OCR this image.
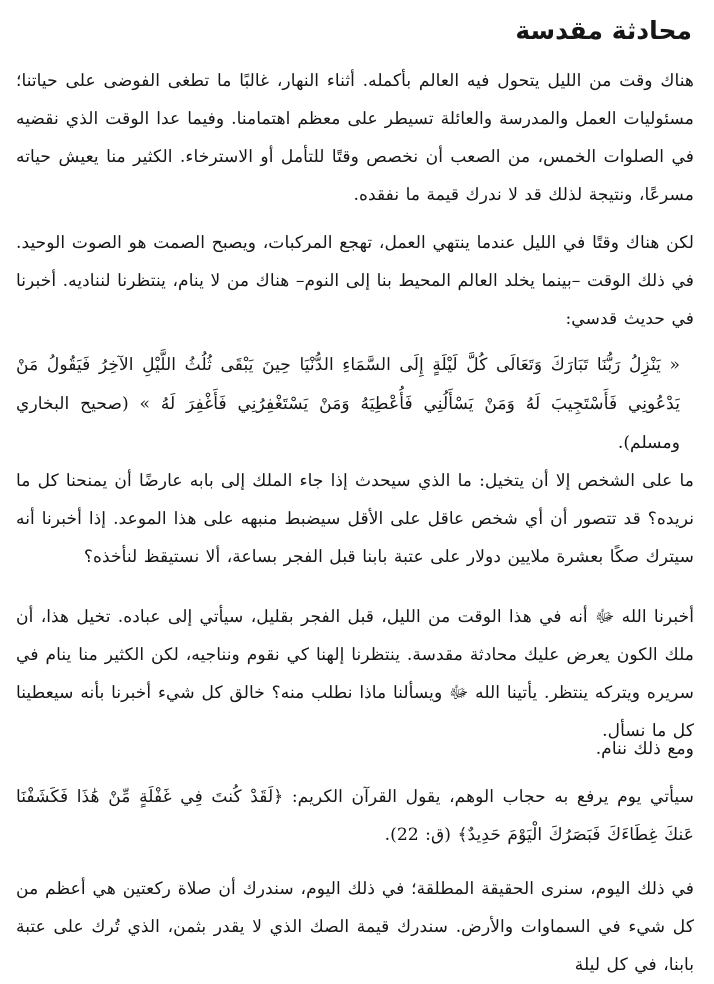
محادثة مقدسة

هناك وقت من الليل يتحول فيه العالم بأكمله. أثناء النهار، غالبًا ما تطغى الفوضى على حياتنا؛ مسئوليات العمل والمدرسة والعائلة تسيطر على معظم اهتمامنا. وفيما عدا الوقت الذي نقضيه في الصلوات الخمس، من الصعب أن نخصص وقتًا للتأمل أو الاسترخاء. الكثير منا يعيش حياته مسرعًا، ونتيجة لذلك قد لا ندرك قيمة ما نفقده.

لكن هناك وقتًا في الليل عندما ينتهي العمل، تهجع المركبات، ويصبح الصمت هو الصوت الوحيد. في ذلك الوقت –بينما يخلد العالم المحيط بنا إلى النوم– هناك من لا ينام، ينتظرنا لنناديه. أخبرنا في حديث قدسي:

« يَنْزِلُ رَبُّنَا تَبَارَكَ وَتَعَالَى كُلَّ لَيْلَةٍ إِلَى السَّمَاءِ الدُّنْيَا حِينَ يَبْقَى ثُلُثُ اللَّيْلِ الآخِرُ فَيَقُولُ مَنْ يَدْعُونِي فَأَسْتَجِيبَ لَهُ وَمَنْ يَسْأَلُنِي فَأُعْطِيَهُ وَمَنْ يَسْتَغْفِرُنِي فَأَغْفِرَ لَهُ » (صحيح البخاري ومسلم).

ما على الشخص إلا أن يتخيل: ما الذي سيحدث إذا جاء الملك إلى بابه عارضًا أن يمنحنا كل ما نريده؟ قد تتصور أن أي شخص عاقل على الأقل سيضبط منبهه على هذا الموعد. إذا أخبرنا أنه سيترك صكًا بعشرة ملايين دولار على عتبة بابنا قبل الفجر بساعة، ألا نستيقظ لنأخذه؟

أخبرنا الله ﷻ أنه في هذا الوقت من الليل، قبل الفجر بقليل، سيأتي إلى عباده. تخيل هذا، أن ملك الكون يعرض عليك محادثة مقدسة. ينتظرنا إلهنا كي نقوم ونناجيه، لكن الكثير منا ينام في سريره ويتركه ينتظر. يأتينا الله ﷻ ويسألنا ماذا نطلب منه؟ خالق كل شيء أخبرنا بأنه سيعطينا كل ما نسأل.

ومع ذلك ننام.

سيأتي يوم يرفع به حجاب الوهم، يقول القرآن الكريم: ﴿لَقَدْ كُنتَ فِي غَفْلَةٍ مِّنْ هَٰذَا فَكَشَفْنَا عَنكَ غِطَاءَكَ فَبَصَرُكَ الْيَوْمَ حَدِيدٌ﴾ (ق: 22).

في ذلك اليوم، سنرى الحقيقة المطلقة؛ في ذلك اليوم، سندرك أن صلاة ركعتين هي أعظم من كل شيء في السماوات والأرض. سندرك قيمة الصك الذي لا يقدر بثمن، الذي تُرك على عتبة بابنا، في كل ليلة
